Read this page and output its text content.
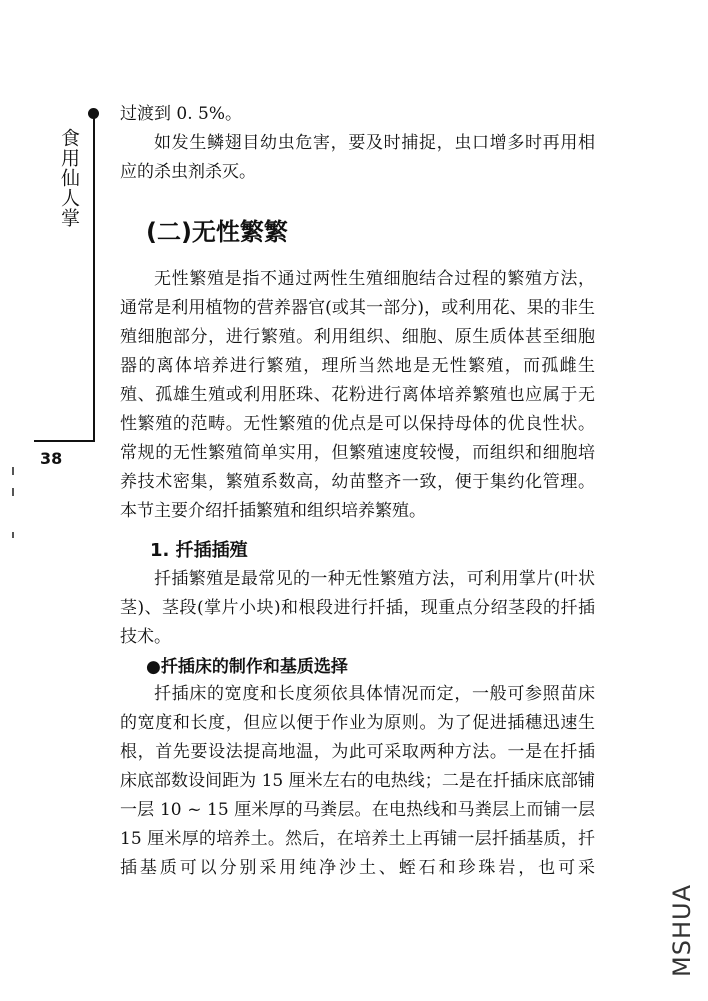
食用仙人掌
38

过渡到 0. 5%。

如发生鳞翅目幼虫危害，要及时捕捉，虫口增多时再用相应的杀虫剂杀灭。

(二)无性繁繁

无性繁殖是指不通过两性生殖细胞结合过程的繁殖方法，通常是利用植物的营养器官(或其一部分)，或利用花、果的非生殖细胞部分，进行繁殖。利用组织、细胞、原生质体甚至细胞器的离体培养进行繁殖，理所当然地是无性繁殖，而孤雌生殖、孤雄生殖或利用胚珠、花粉进行离体培养繁殖也应属于无性繁殖的范畴。无性繁殖的优点是可以保持母体的优良性状。常规的无性繁殖简单实用，但繁殖速度较慢，而组织和细胞培养技术密集，繁殖系数高，幼苗整齐一致，便于集约化管理。本节主要介绍扦插繁殖和组织培养繁殖。

1. 扦插插殖

扦插繁殖是最常见的一种无性繁殖方法，可利用掌片(叶状茎)、茎段(掌片小块)和根段进行扦插，现重点分绍茎段的扦插技术。

●扦插床的制作和基质选择

扦插床的宽度和长度须依具体情况而定，一般可参照苗床的宽度和长度，但应以便于作业为原则。为了促进插穗迅速生根，首先要设法提高地温，为此可采取两种方法。一是在扦插床底部数设间距为 15 厘米左右的电热线；二是在扦插床底部铺一层 10 ~ 15 厘米厚的马粪层。在电热线和马粪层上而铺一层 15 厘米厚的培养土。然后，在培养土上再铺一层扦插基质，扦插基质可以分别采用纯净沙土、蛭石和珍珠岩，也可采

MSHUA
